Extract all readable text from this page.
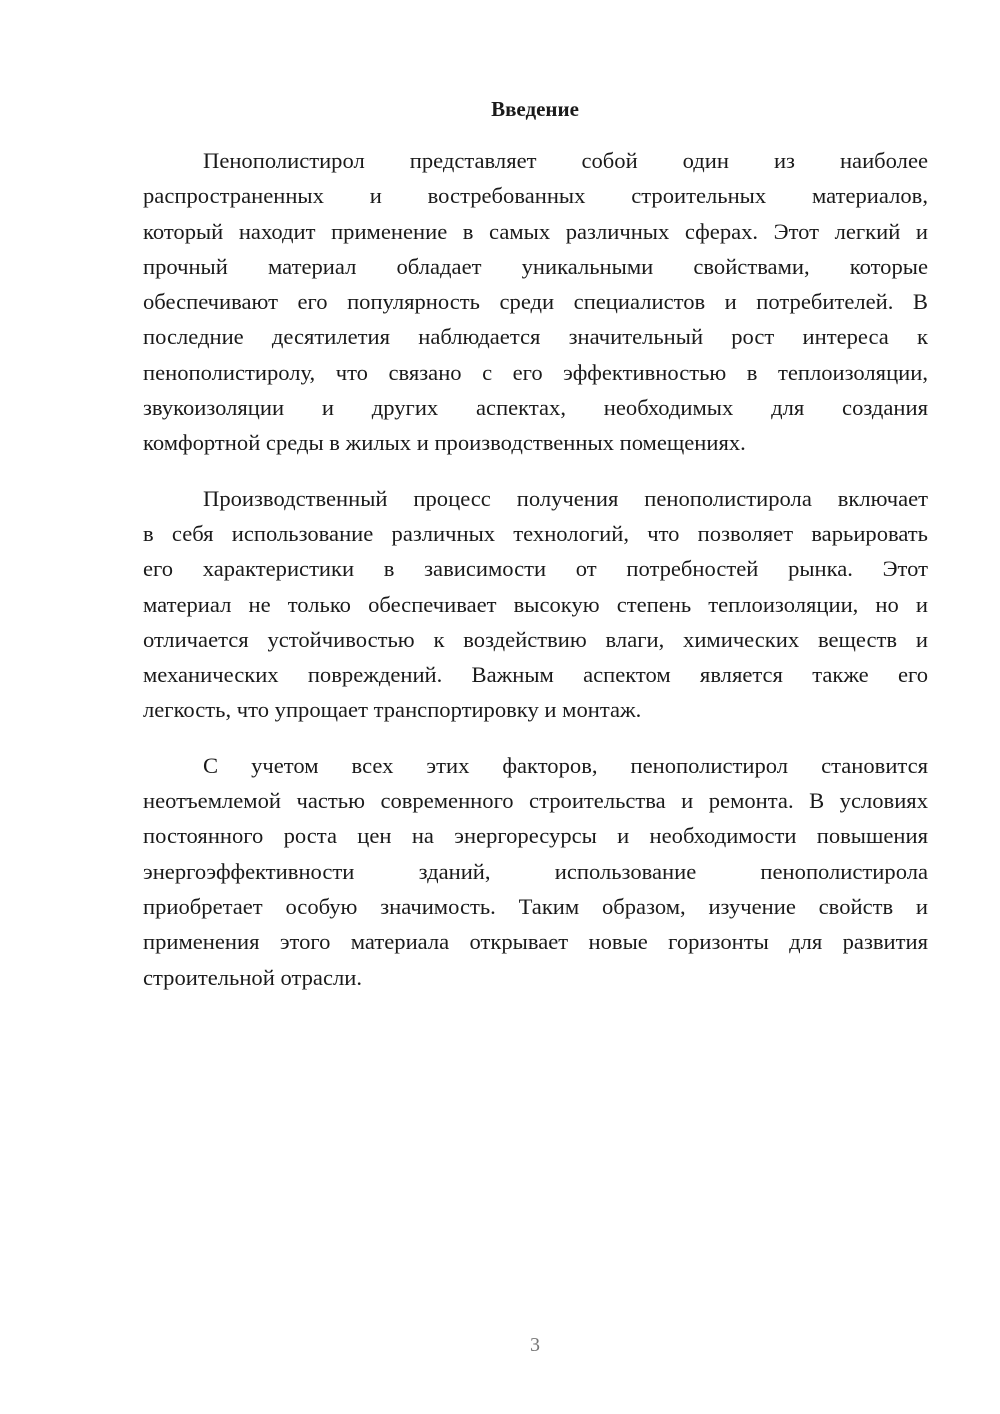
Введение
Пенополистирол представляет собой один из наиболее
распространенных и востребованных строительных материалов,
который находит применение в самых различных сферах. Этот легкий и
прочный материал обладает уникальными свойствами, которые
обеспечивают его популярность среди специалистов и потребителей. В
последние десятилетия наблюдается значительный рост интереса к
пенополистиролу, что связано с его эффективностью в теплоизоляции,
звукоизоляции и других аспектах, необходимых для создания
комфортной среды в жилых и производственных помещениях.
Производственный процесс получения пенополистирола включает
в себя использование различных технологий, что позволяет варьировать
его характеристики в зависимости от потребностей рынка. Этот
материал не только обеспечивает высокую степень теплоизоляции, но и
отличается устойчивостью к воздействию влаги, химических веществ и
механических повреждений. Важным аспектом является также его
легкость, что упрощает транспортировку и монтаж.
С учетом всех этих факторов, пенополистирол становится
неотъемлемой частью современного строительства и ремонта. В условиях
постоянного роста цен на энергоресурсы и необходимости повышения
энергоэффективности зданий, использование пенополистирола
приобретает особую значимость. Таким образом, изучение свойств и
применения этого материала открывает новые горизонты для развития
строительной отрасли.
3
